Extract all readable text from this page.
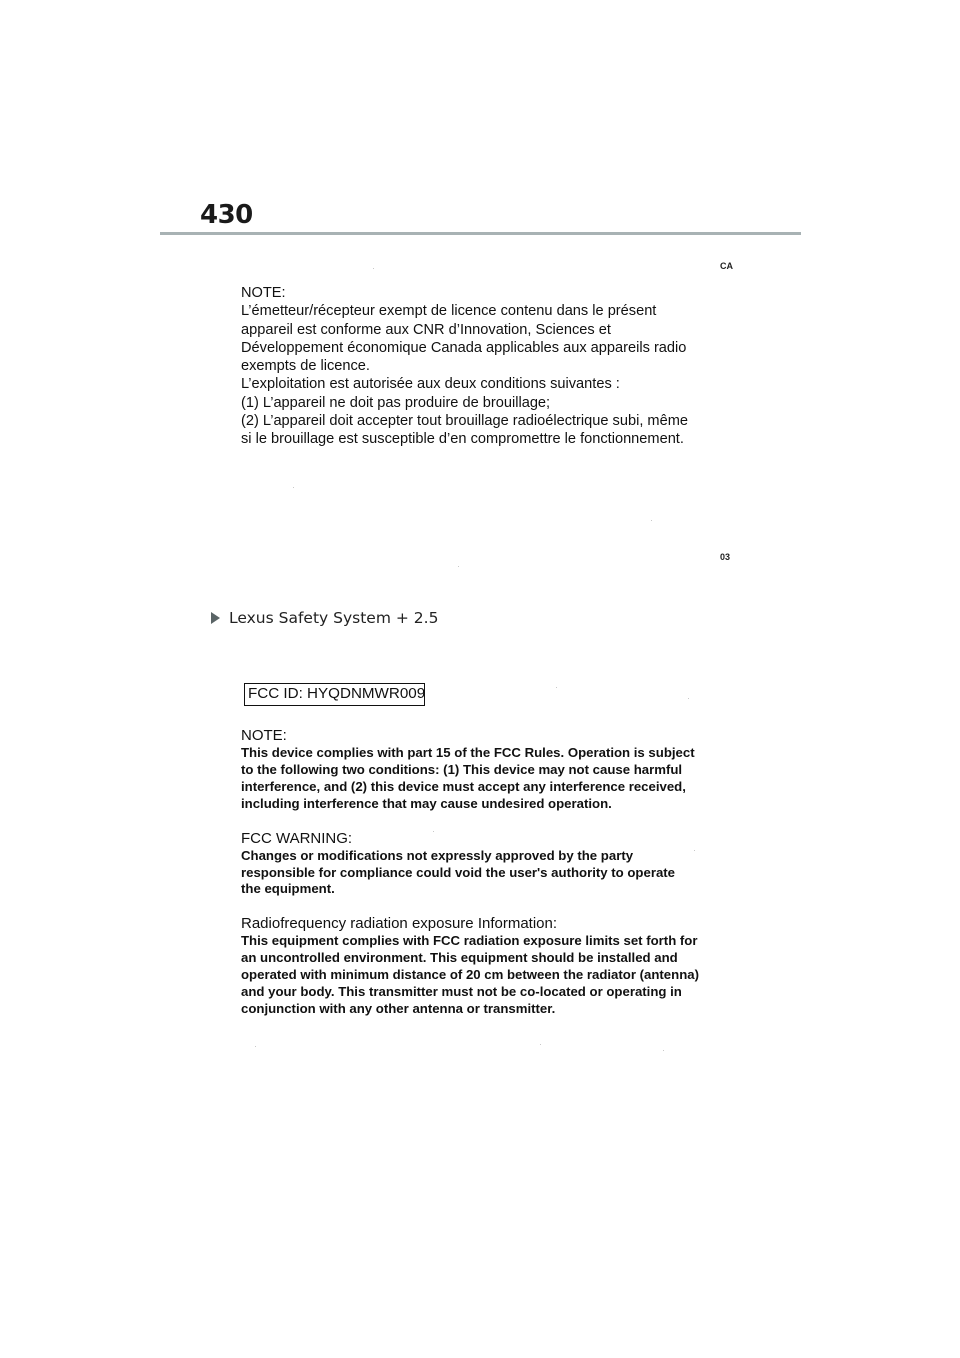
430
CA
NOTE:
L’émetteur/récepteur exempt de licence contenu dans le présent
appareil est conforme aux CNR d’Innovation, Sciences et
Développement économique Canada applicables aux appareils radio
exempts de licence.
L’exploitation est autorisée aux deux conditions suivantes :
(1) L’appareil ne doit pas produire de brouillage;
(2) L’appareil doit accepter tout brouillage radioélectrique subi, même
si le brouillage est susceptible d’en compromettre le fonctionnement.
03
Lexus Safety System + 2.5
FCC ID: HYQDNMWR009
NOTE:
This device complies with part 15 of the FCC Rules. Operation is subject
to the following two conditions: (1) This device may not cause harmful
interference, and (2) this device must accept any interference received,
including interference that may cause undesired operation.
FCC WARNING:
Changes or modifications not expressly approved by the party
responsible for compliance could void the user's authority to operate
the equipment.
Radiofrequency radiation exposure Information:
This equipment complies with FCC radiation exposure limits set forth for
an uncontrolled environment. This equipment should be installed and
operated with minimum distance of 20 cm between the radiator (antenna)
and your body. This transmitter must not be co-located or operating in
conjunction with any other antenna or transmitter.
